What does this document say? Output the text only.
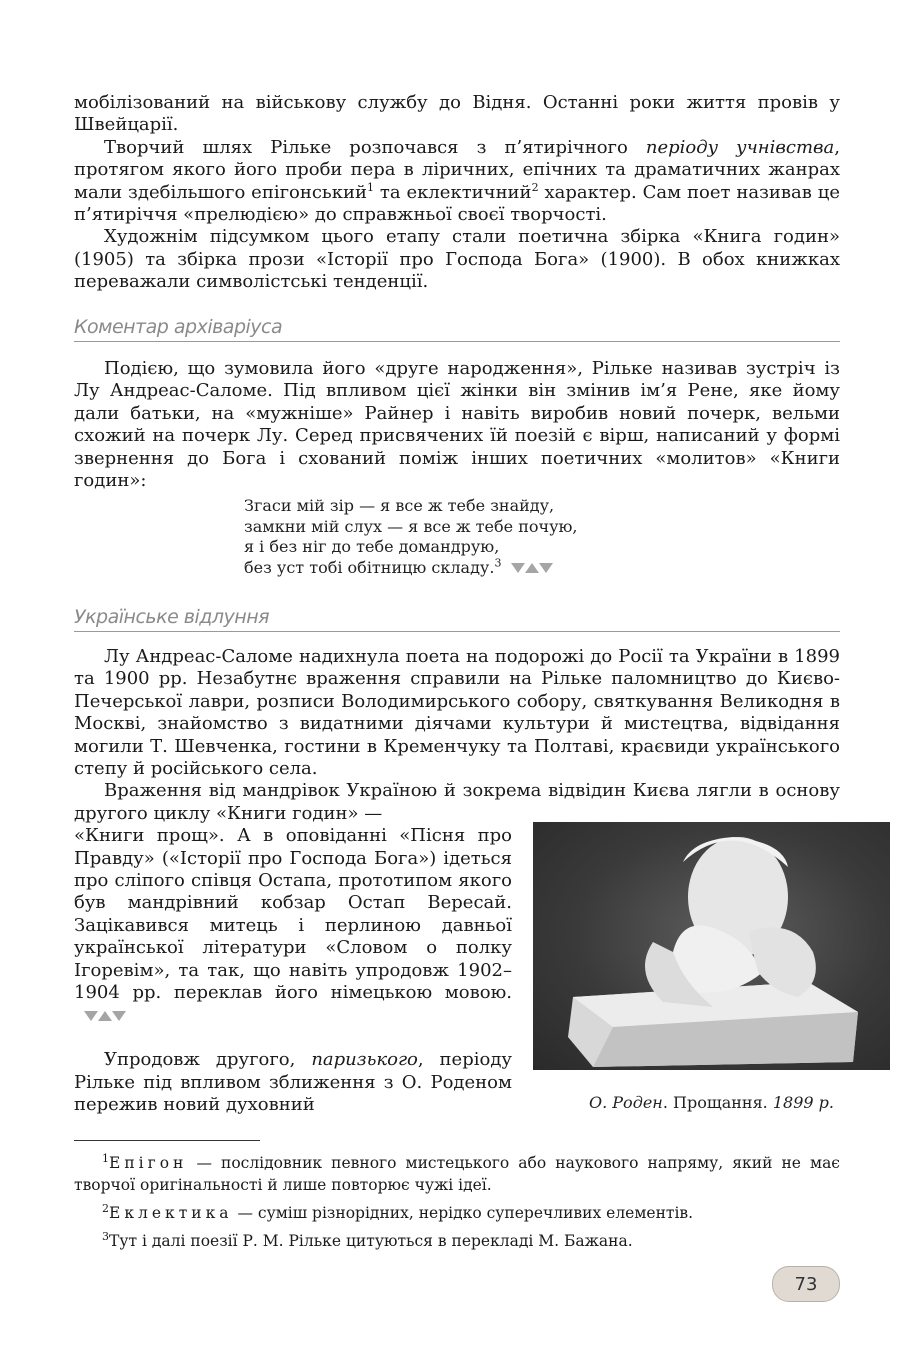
мобілізований на військову службу до Відня. Останні роки життя провів у Швейцарії.

Творчий шлях Рільке розпочався з п’ятирічного періоду учнівства, протягом якого його проби пера в ліричних, епічних та драматичних жанрах мали здебільшого епігонський$^1$ та еклектичний$^2$ характер. Сам поет називав це п’ятиріччя «прелюдією» до справжньої своєї творчості.

Художнім підсумком цього етапу стали поетична збірка «Книга годин» (1905) та збірка прози «Історії про Господа Бога» (1900). В обох книжках переважали символістські тенденції.

Коментар архіваріуса

Подією, що зумовила його «друге народження», Рільке називав зустріч із Лу Андреас-Саломе. Під впливом цієї жінки він змінив ім’я Рене, яке йому дали батьки, на «мужніше» Райнер і навіть виробив новий почерк, вельми схожий на почерк Лу. Серед присвячених їй поезій є вірш, написаний у формі звернення до Бога і схований поміж інших поетичних «молитов» «Книги годин»:

Згаси мій зір — я все ж тебе знайду,
замкни мій слух — я все ж тебе почую,
я і без ніг до тебе домандрую,
без уст тобі обітницю складу.$^3$
Українське відлуння

Лу Андреас-Саломе надихнула поета на подорожі до Росії та України в 1899 та 1900 рр. Незабутнє враження справили на Рільке паломництво до Києво-Печерської лаври, розписи Володимирського собору, святкування Великодня в Москві, знайомство з видатними діячами культури й мистецтва, відвідання могили Т. Шевченка, гостини в Кременчуку та Полтаві, краєвиди українського степу й російського села.

Враження від мандрівок Україною й зокрема відвідин Києва лягли в основу другого циклу «Книги годин» —

«Книги прощ». А в оповіданні «Пісня про Правду» («Історії про Господа Бога») ідеться про сліпого співця Остапа, прототипом якого був мандрівний кобзар Остап Вересай. Зацікавився митець і перлиною давньої української літератури «Словом о полку Ігоревім», та так, що навіть упродовж 1902–1904 рр. переклав його німецькою мовою.

Упродовж другого, паризького, періоду Рільке під впливом зближення з О. Роденом пережив новий духовний	О. Роден. Прощання. 1899 р.

$^1$Епігон — послідовник певного мистецького або наукового напряму, який не має творчої оригінальності й лише повторює чужі ідеї.

$^2$Еклектика — суміш різнорідних, нерідко суперечливих елементів.

$^3$Тут і далі поезії Р. М. Рільке цитуються в перекладі М. Бажана.

73
